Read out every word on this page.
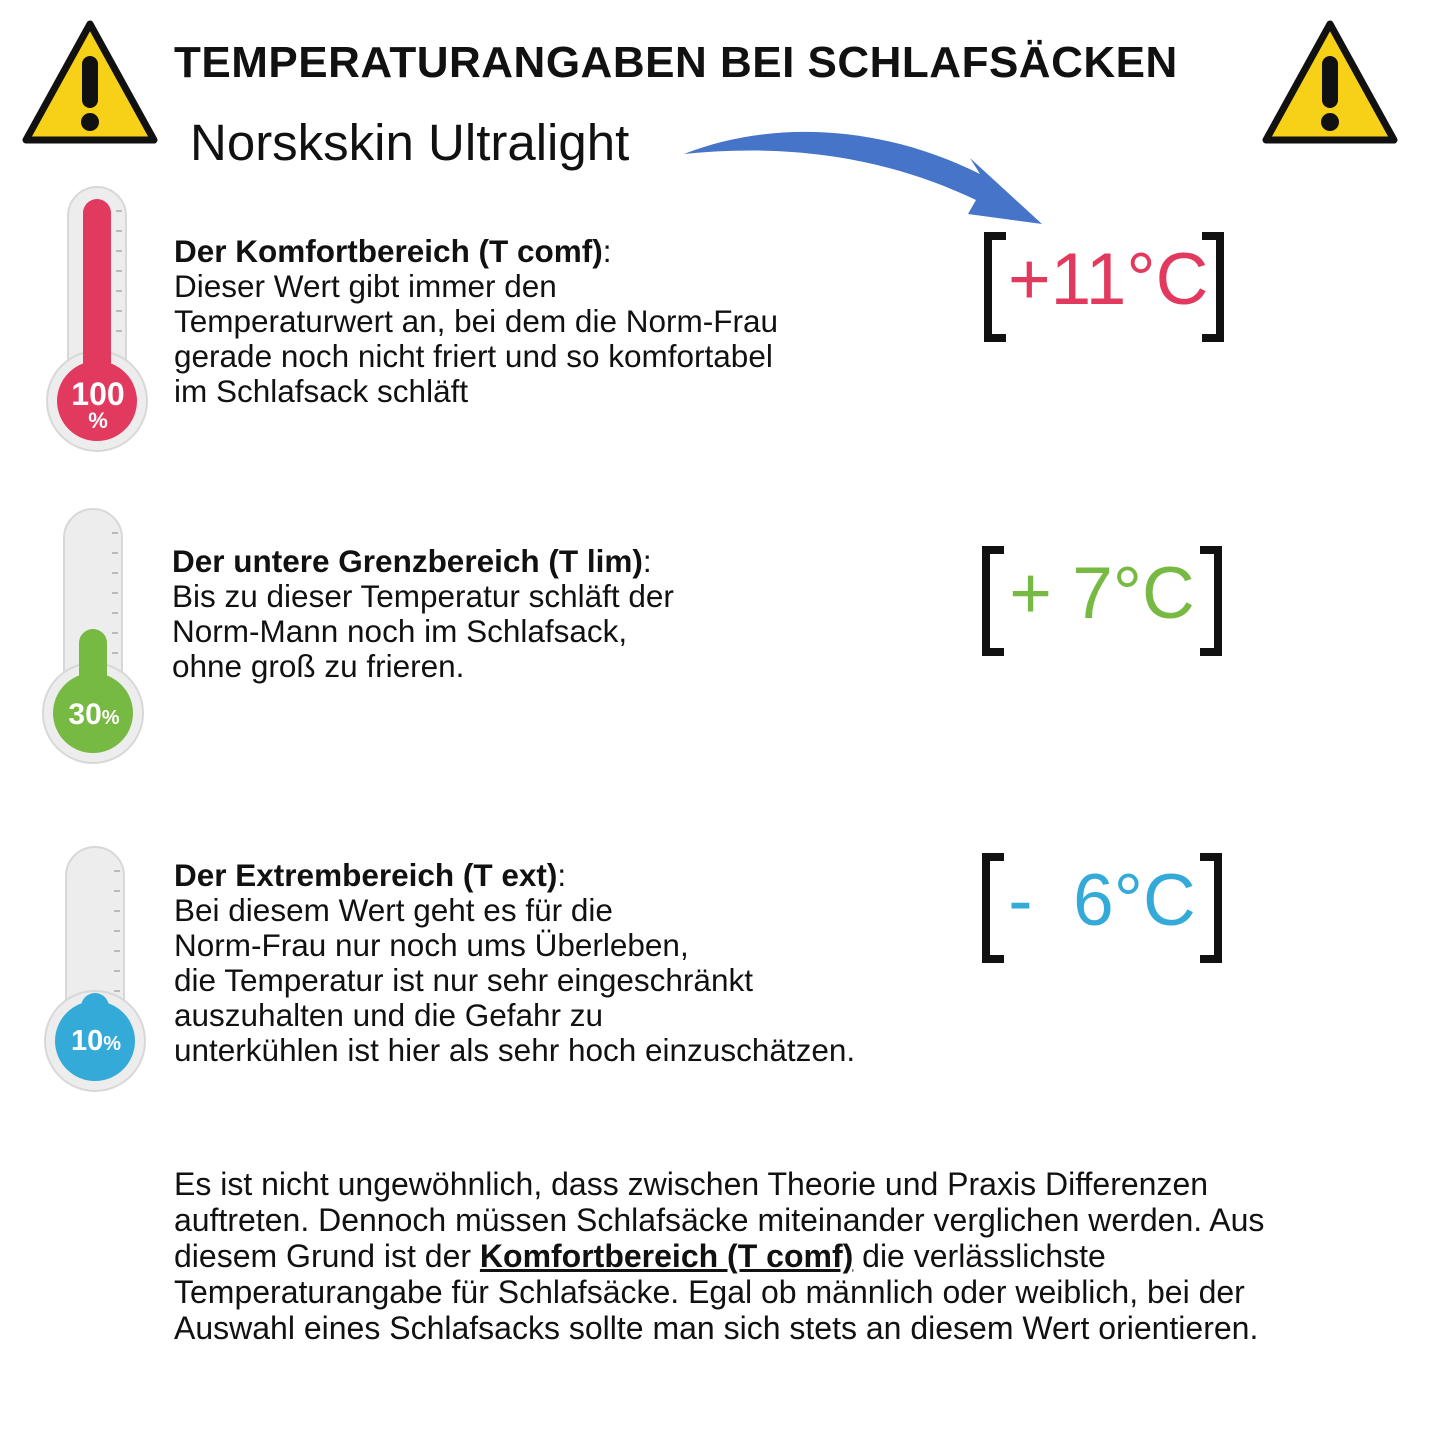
TEMPERATURANGABEN BEI SCHLAFSÄCKEN
Norskskin Ultralight
100
%
Der Komfortbereich (T comf):
Dieser Wert gibt immer den
Temperaturwert an, bei dem die Norm-Frau
gerade noch nicht friert und so komfortabel
im Schlafsack schläft
+11°C
30%
Der untere Grenzbereich (T lim):
Bis zu dieser Temperatur schläft der
Norm-Mann noch im Schlafsack,
ohne groß zu frieren.
+ 7°C
10%
Der Extrembereich (T ext):
Bei diesem Wert geht es für die
Norm-Frau nur noch ums Überleben,
die Temperatur ist nur sehr eingeschränkt
auszuhalten und die Gefahr zu
unterkühlen ist hier als sehr hoch einzuschätzen.
-  6°C
Es ist nicht ungewöhnlich, dass zwischen Theorie und Praxis Differenzen auftreten. Dennoch müssen Schlafsäcke miteinander verglichen werden. Aus diesem Grund ist der Komfortbereich (T comf) die verlässlichste Temperaturangabe für Schlafsäcke. Egal ob männlich oder weiblich, bei der Auswahl eines Schlafsacks sollte man sich stets an diesem Wert orientieren.
